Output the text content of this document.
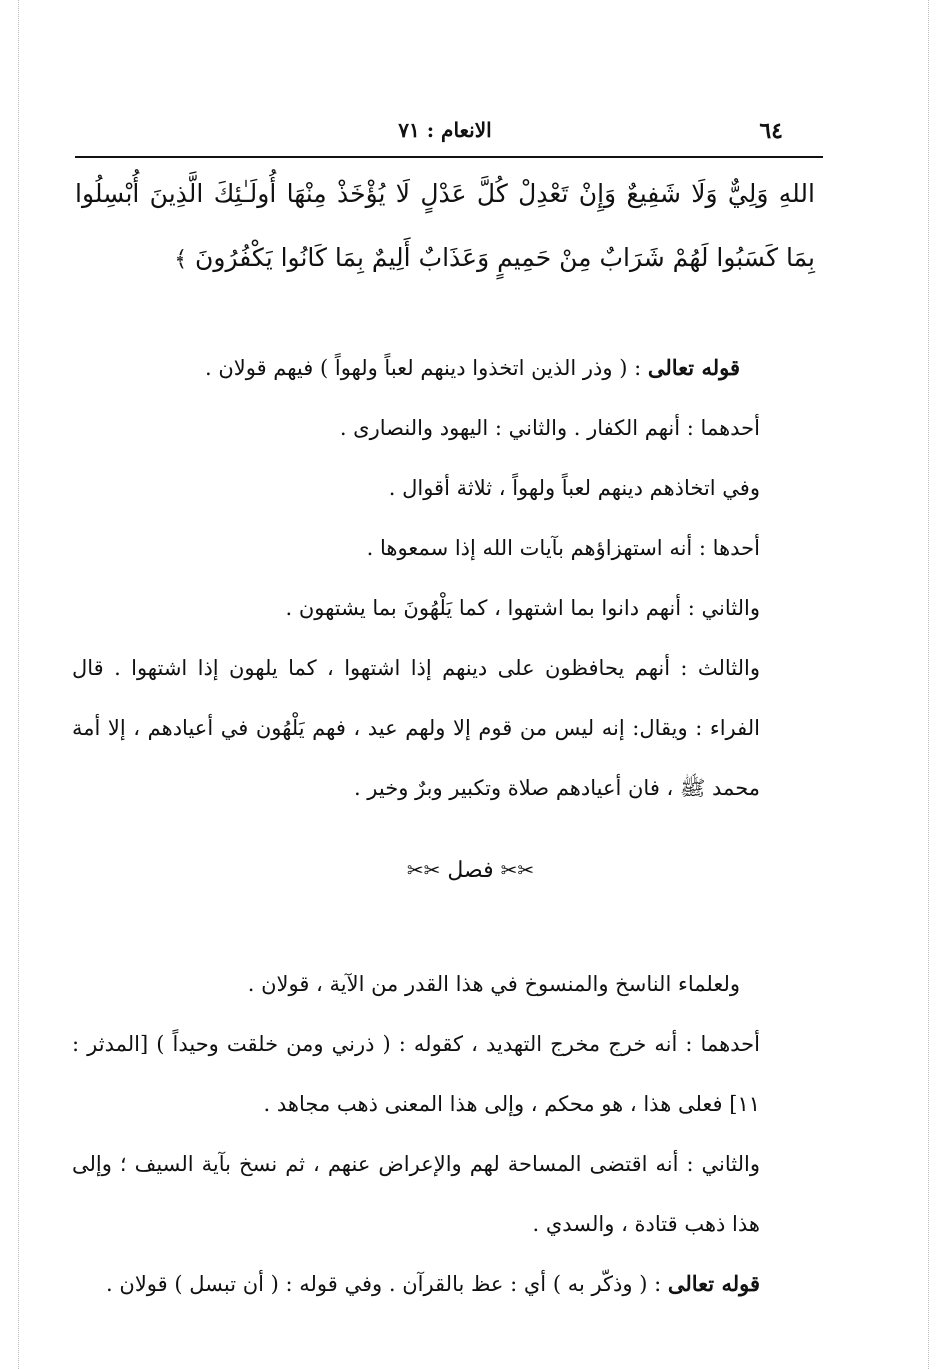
الانعام : ٧١	٦٤
اللهِ وَلِيٌّ وَلَا شَفِيعٌ وَإِنْ تَعْدِلْ كُلَّ عَدْلٍ لَا يُؤْخَذْ مِنْهَا أُولَـٰئِكَ الَّذِينَ أُبْسِلُوا بِمَا كَسَبُوا لَهُمْ شَرَابٌ مِنْ حَمِيمٍ وَعَذَابٌ أَلِيمٌ بِمَا كَانُوا يَكْفُرُونَ ﴾

قوله تعالى : ( وذر الذين اتخذوا دينهم لعباً ولهواً ) فيهم قولان .

أحدهما : أنهم الكفار . والثاني : اليهود والنصارى .

وفي اتخاذهم دينهم لعباً ولهواً ، ثلاثة أقوال .

أحدها : أنه استهزاؤهم بآيات الله إذا سمعوها .

والثاني : أنهم دانوا بما اشتهوا ، كما يَلْهُونَ بما يشتهون .

والثالث : أنهم يحافظون على دينهم إذا اشتهوا ، كما يلهون إذا اشتهوا . قال الفراء : ويقال: إنه ليس من قوم إلا ولهم عيد ، فهم يَلْهُون في أعيادهم ، إلا أمة محمد ﷺ ، فان أعيادهم صلاة وتكبير وبرٌ وخير .

✂✂ فصل ✂✂

ولعلماء الناسخ والمنسوخ في هذا القدر من الآية ، قولان .

أحدهما : أنه خرج مخرج التهديد ، كقوله : ( ذرني ومن خلقت وحيداً ) [المدثر : ١١] فعلى هذا ، هو محكم ، وإلى هذا المعنى ذهب مجاهد .

والثاني : أنه اقتضى المساحة لهم والإعراض عنهم ، ثم نسخ بآية السيف ؛ وإلى هذا ذهب قتادة ، والسدي .

قوله تعالى : ( وذكّر به ) أي : عظ بالقرآن . وفي قوله : ( أن تبسل ) قولان .
